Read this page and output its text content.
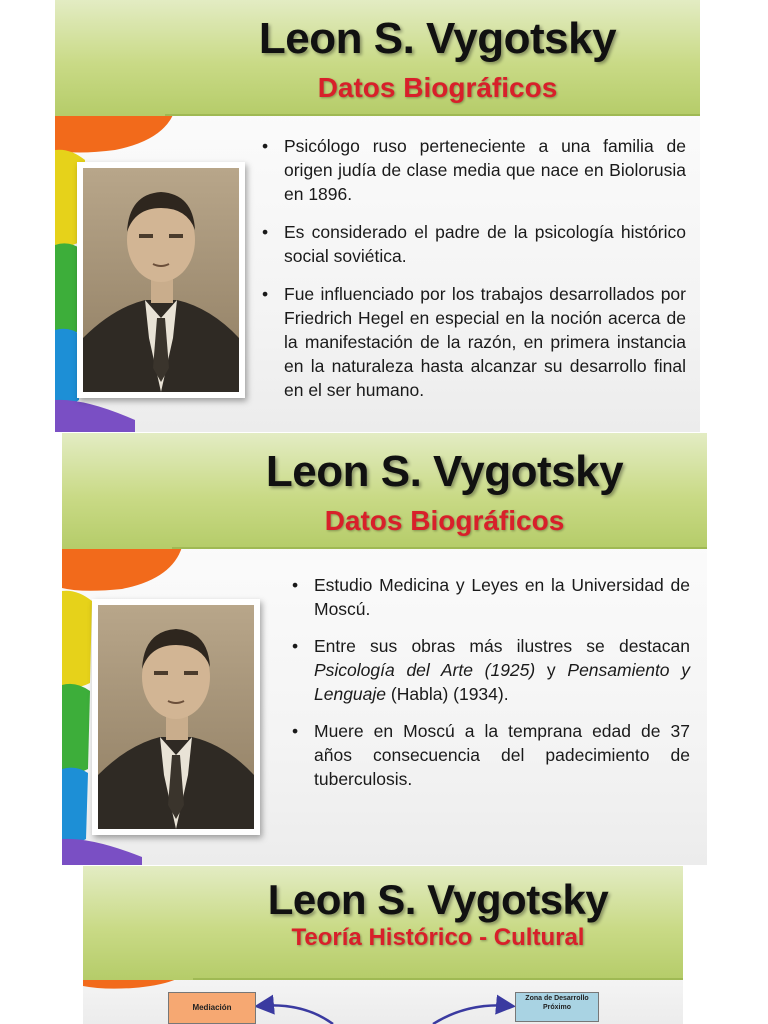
Leon S. Vygotsky
Datos Biográficos
• Psicólogo ruso perteneciente a una familia de origen judía de clase media que nace en Biolorusia en 1896.
• Es considerado el padre de la psicología histórico social soviética.
• Fue influenciado por los trabajos desarrollados por Friedrich Hegel en especial en la noción acerca de la manifestación de la razón, en primera instancia en la naturaleza hasta alcanzar su desarrollo final en el ser humano.
Leon S. Vygotsky
Datos Biográficos
• Estudio Medicina y Leyes en la Universidad de Moscú.
• Entre sus obras más ilustres se destacan Psicología del Arte (1925) y Pensamiento y Lenguaje (Habla) (1934).
• Muere en Moscú a la temprana edad de 37 años consecuencia del padecimiento de tuberculosis.
Leon S. Vygotsky
Teoría Histórico - Cultural
Mediación
Zona de Desarrollo Próximo
